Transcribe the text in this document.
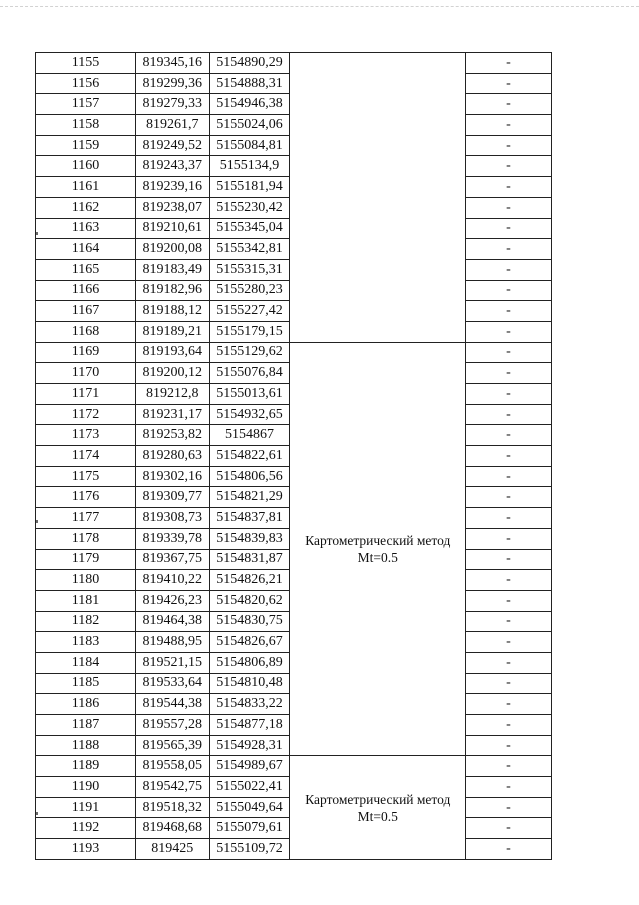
1155	819345,16	5154890,29		-
1156	819299,36	5154888,31		-
1157	819279,33	5154946,38		-
1158	819261,7	5155024,06		-
1159	819249,52	5155084,81		-
1160	819243,37	5155134,9		-
1161	819239,16	5155181,94		-
1162	819238,07	5155230,42		-
1163	819210,61	5155345,04		-
1164	819200,08	5155342,81		-
1165	819183,49	5155315,31		-
1166	819182,96	5155280,23		-
1167	819188,12	5155227,42		-
1168	819189,21	5155179,15		-
1169	819193,64	5155129,62	Картометрический метод Mt=0.5	-
1170	819200,12	5155076,84		-
1171	819212,8	5155013,61		-
1172	819231,17	5154932,65		-
1173	819253,82	5154867		-
1174	819280,63	5154822,61		-
1175	819302,16	5154806,56		-
1176	819309,77	5154821,29		-
1177	819308,73	5154837,81		-
1178	819339,78	5154839,83		-
1179	819367,75	5154831,87		-
1180	819410,22	5154826,21		-
1181	819426,23	5154820,62		-
1182	819464,38	5154830,75		-
1183	819488,95	5154826,67		-
1184	819521,15	5154806,89		-
1185	819533,64	5154810,48		-
1186	819544,38	5154833,22		-
1187	819557,28	5154877,18		-
1188	819565,39	5154928,31		-
1189	819558,05	5154989,67	Картометрический метод Mt=0.5	-
1190	819542,75	5155022,41		-
1191	819518,32	5155049,64		-
1192	819468,68	5155079,61		-
1193	819425	5155109,72		-
